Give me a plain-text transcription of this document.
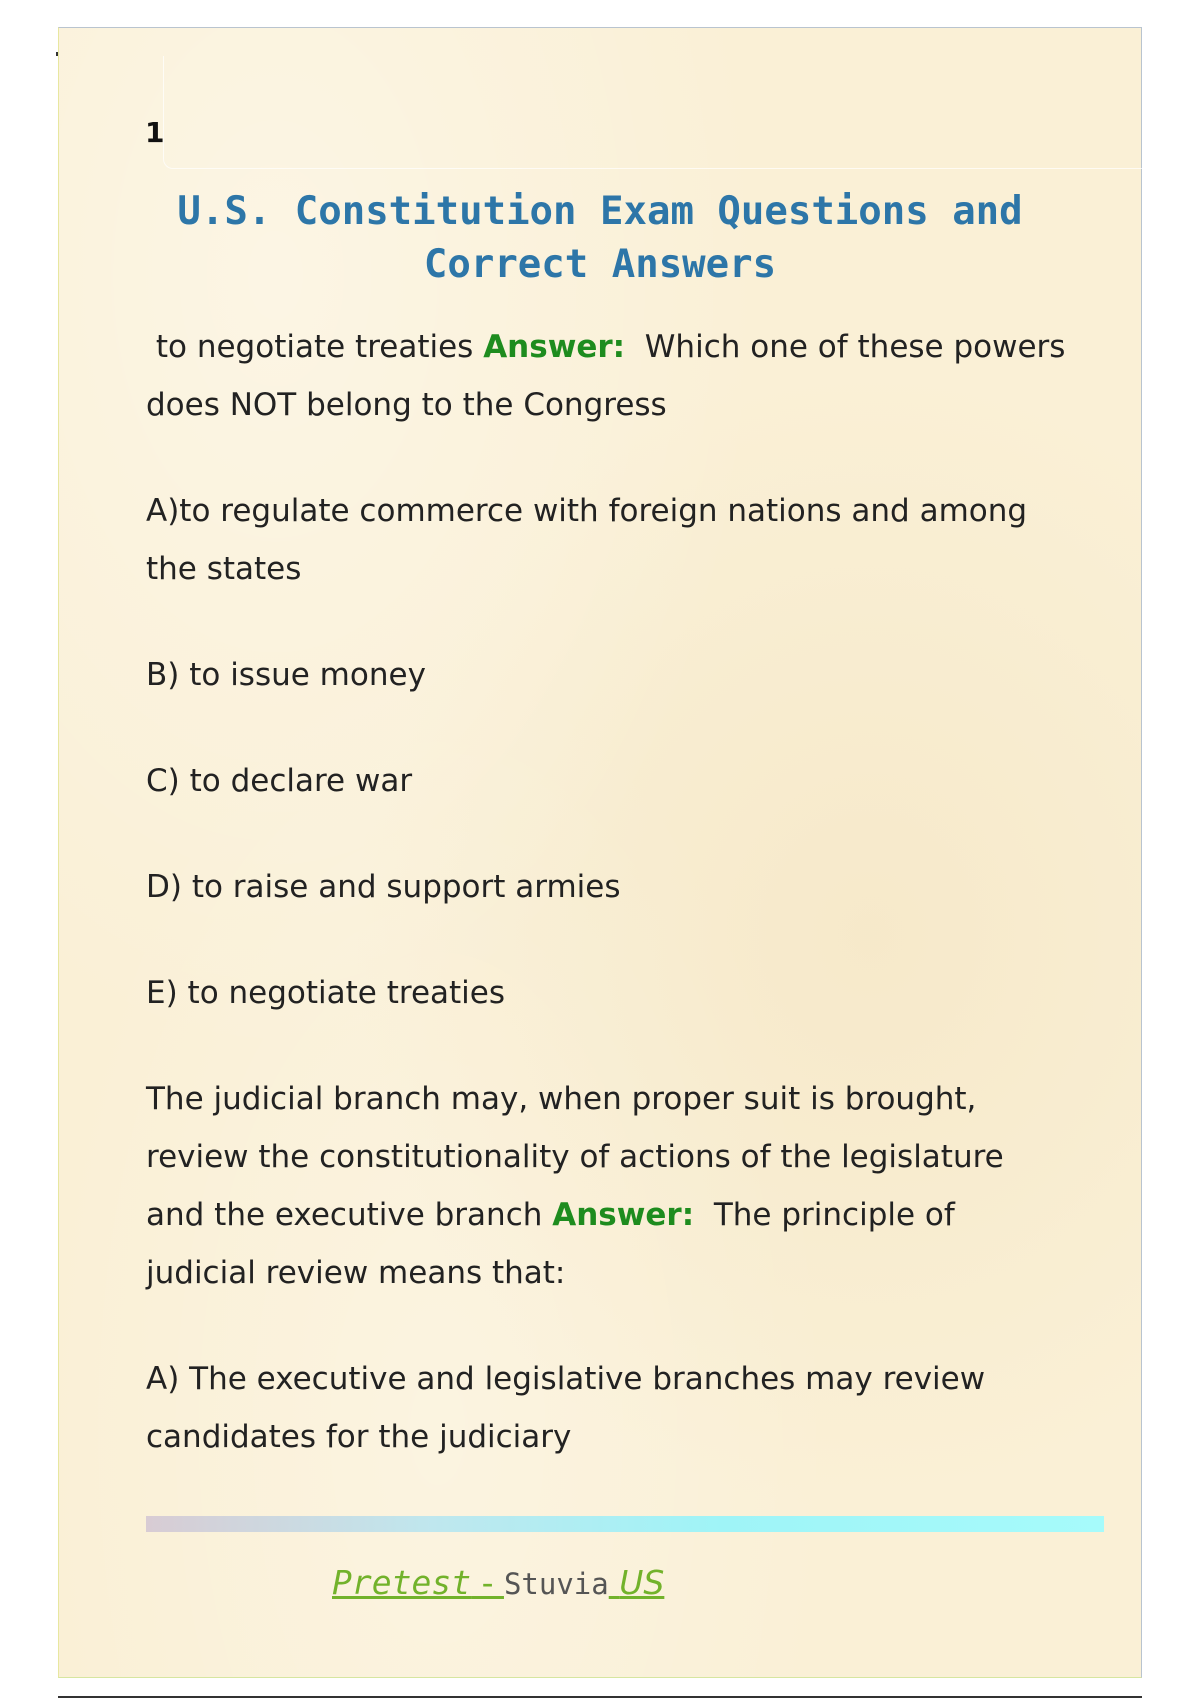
1
U.S. Constitution Exam Questions and Correct Answers

to negotiate treaties Answer: Which one of these powers does NOT belong to the Congress

A)to regulate commerce with foreign nations and among the states

B) to issue money

C) to declare war

D) to raise and support armies

E) to negotiate treaties

The judicial branch may, when proper suit is brought, review the constitutionality of actions of the legislature and the executive branch Answer: The principle of judicial review means that:

A) The executive and legislative branches may review candidates for the judiciary

Pretest - Stuvia US
